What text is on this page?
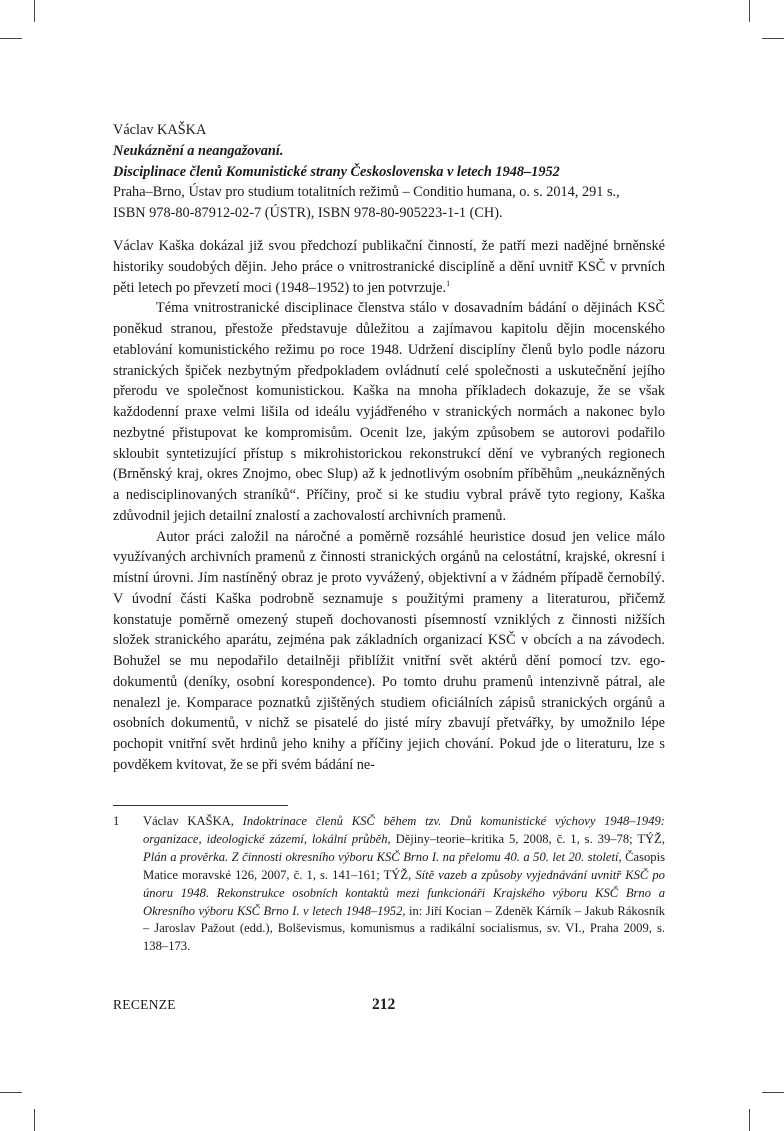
Václav KAŠKA
Neukáznění a neangažovaní.
Disciplinace členů Komunistické strany Československa v letech 1948–1952
Praha–Brno, Ústav pro studium totalitních režimů – Conditio humana, o. s. 2014, 291 s.,
ISBN 978-80-87912-02-7 (ÚSTR), ISBN 978-80-905223-1-1 (CH).

Václav Kaška dokázal již svou předchozí publikační činností, že patří mezi nadějné brněnské historiky soudobých dějin. Jeho práce o vnitrostranické disciplíně a dění uvnitř KSČ v prvních pěti letech po převzetí moci (1948–1952) to jen potvrzuje.$^1$

Téma vnitrostranické disciplinace členstva stálo v dosavadním bádání o dějinách KSČ poněkud stranou, přestože představuje důležitou a zajímavou kapitolu dějin mocenského etablování komunistického režimu po roce 1948. Udržení disciplíny členů bylo podle názoru stranických špiček nezbytným předpokladem ovládnutí celé společnosti a uskutečnění jejího přerodu ve společnost komunistickou. Kaška na mnoha příkladech dokazuje, že se však každodenní praxe velmi lišila od ideálu vyjádřeného v stranických normách a nakonec bylo nezbytné přistupovat ke kompromisům. Ocenit lze, jakým způsobem se autorovi podařilo skloubit syntetizující přístup s mikrohistorickou rekonstrukcí dění ve vybraných regionech (Brněnský kraj, okres Znojmo, obec Slup) až k jednotlivým osobním příběhům „neukázněných a nedisciplinovaných straníků“. Příčiny, proč si ke studiu vybral právě tyto regiony, Kaška zdůvodnil jejich detailní znalostí a zachovalostí archivních pramenů.

Autor práci založil na náročné a poměrně rozsáhlé heuristice dosud jen velice málo využívaných archivních pramenů z činnosti stranických orgánů na celostátní, krajské, okresní i místní úrovni. Jím nastíněný obraz je proto vyvážený, objektivní a v žádném případě černobílý. V úvodní části Kaška podrobně seznamuje s použitými prameny a literaturou, přičemž konstatuje poměrně omezený stupeň dochovanosti písemností vzniklých z činnosti nižších složek stranického aparátu, zejména pak základních organizací KSČ v obcích a na závodech. Bohužel se mu nepodařilo detailněji přiblížit vnitřní svět aktérů dění pomocí tzv. ego-dokumentů (deníky, osobní korespondence). Po tomto druhu pramenů intenzivně pátral, ale nenalezl je. Komparace poznatků zjištěných studiem oficiálních zápisů stranických orgánů a osobních dokumentů, v nichž se pisatelé do jisté míry zbavují přetvářky, by umožnilo lépe pochopit vnitřní svět hrdinů jeho knihy a příčiny jejich chování. Pokud jde o literaturu, lze s povděkem kvitovat, že se při svém bádání ne-

1	Václav KAŠKA, Indoktrinace členů KSČ během tzv. Dnů komunistické výchovy 1948–1949: organizace, ideologické zázemí, lokální průběh, Dějiny–teorie–kritika 5, 2008, č. 1, s. 39–78; TÝŽ, Plán a prověrka. Z činnosti okresního výboru KSČ Brno I. na přelomu 40. a 50. let 20. století, Časopis Matice moravské 126, 2007, č. 1, s. 141–161; TÝŽ, Sítě vazeb a způsoby vyjednávání uvnitř KSČ po únoru 1948. Rekonstrukce osobních kontaktů mezi funkcionáři Krajského výboru KSČ Brno a Okresního výboru KSČ Brno I. v letech 1948–1952, in: Jiří Kocian – Zdeněk Kárník – Jakub Rákosník – Jaroslav Pažout (edd.), Bolševismus, komunismus a radikální socialismus, sv. VI., Praha 2009, s. 138–173.
RECENZE	212
